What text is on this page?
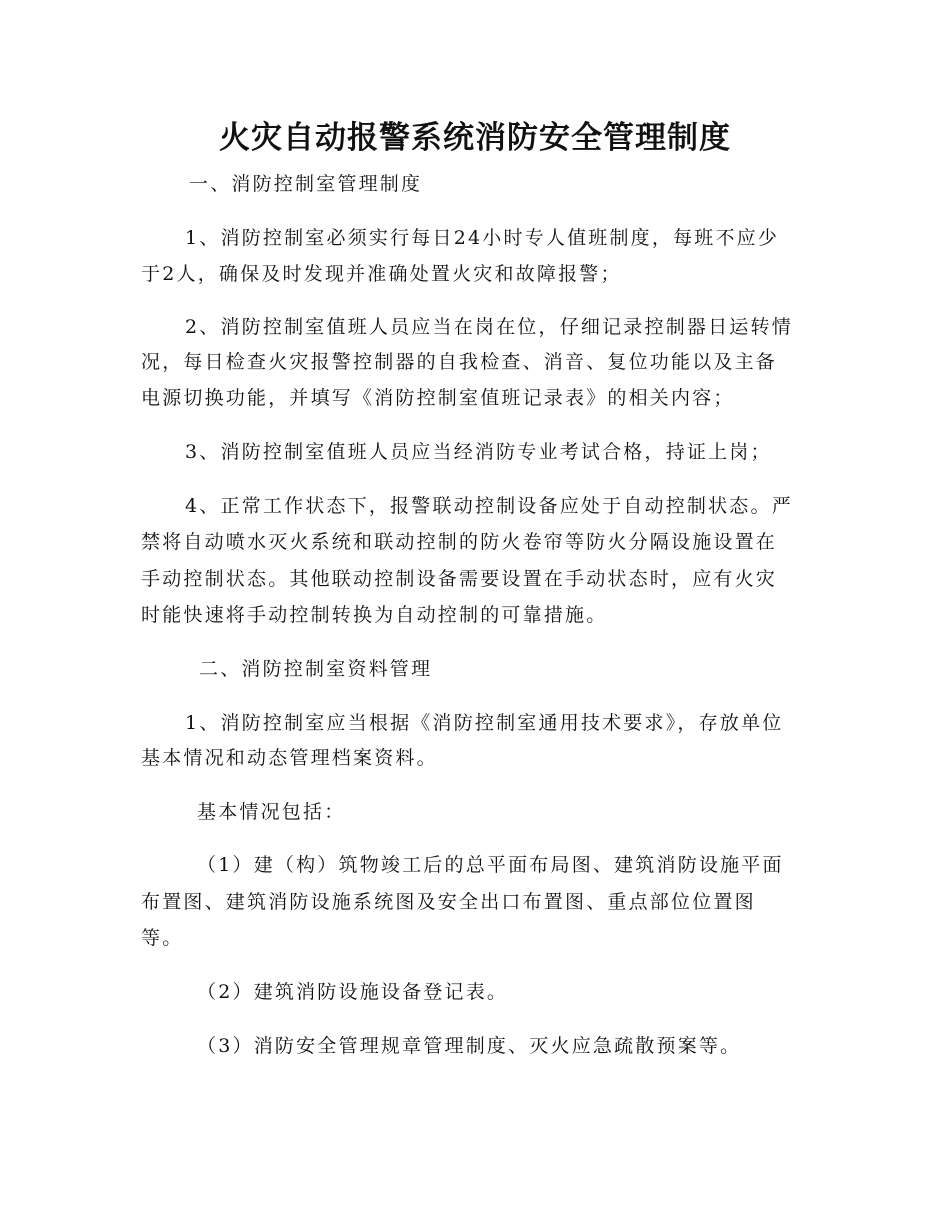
火灾自动报警系统消防安全管理制度
一、消防控制室管理制度
1、消防控制室必须实行每日24小时专人值班制度，每班不应少
于2人，确保及时发现并准确处置火灾和故障报警；
2、消防控制室值班人员应当在岗在位，仔细记录控制器日运转情
况，每日检查火灾报警控制器的自我检查、消音、复位功能以及主备
电源切换功能，并填写《消防控制室值班记录表》的相关内容；
3、消防控制室值班人员应当经消防专业考试合格，持证上岗；
4、正常工作状态下，报警联动控制设备应处于自动控制状态。严
禁将自动喷水灭火系统和联动控制的防火卷帘等防火分隔设施设置在
手动控制状态。其他联动控制设备需要设置在手动状态时，应有火灾
时能快速将手动控制转换为自动控制的可靠措施。
二、消防控制室资料管理
1、消防控制室应当根据《消防控制室通用技术要求》，存放单位
基本情况和动态管理档案资料。
基本情况包括：
（1）建（构）筑物竣工后的总平面布局图、建筑消防设施平面
布置图、建筑消防设施系统图及安全出口布置图、重点部位位置图
等。
（2）建筑消防设施设备登记表。
（3）消防安全管理规章管理制度、灭火应急疏散预案等。
